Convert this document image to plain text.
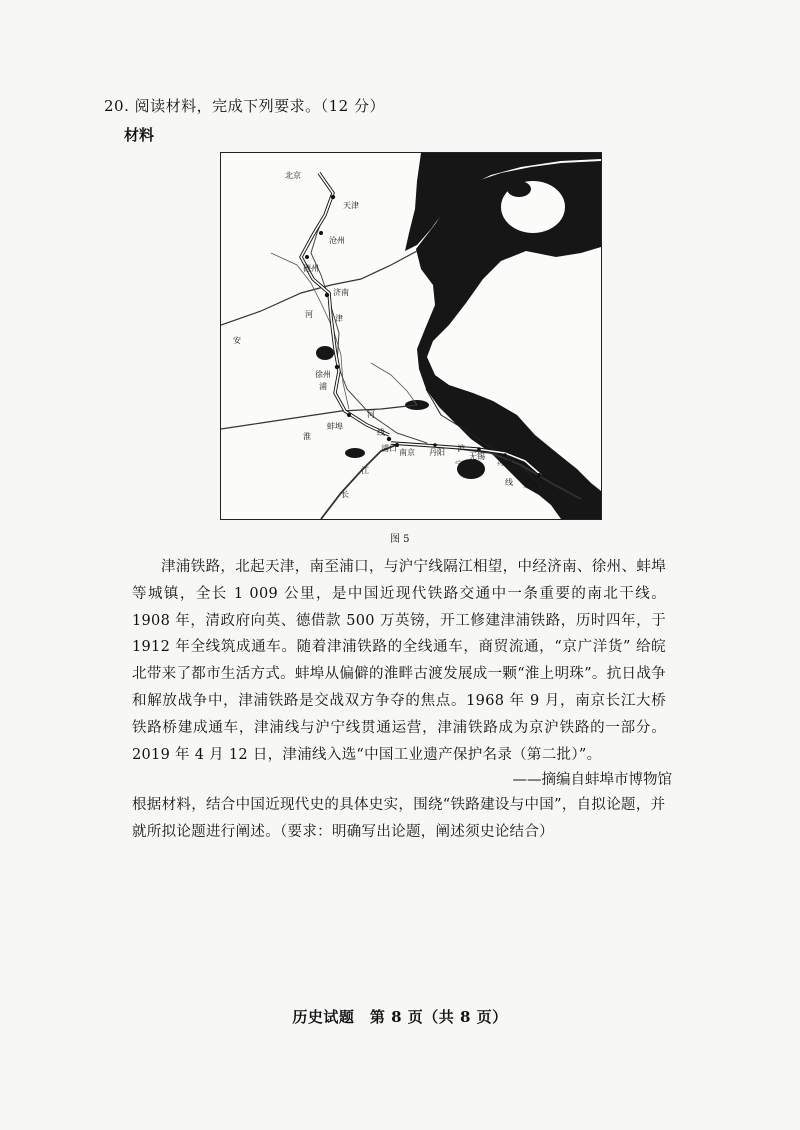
20. 阅读材料，完成下列要求。（12 分）
材料
北京
天津
沧州
德州
济南
河	津
安
徐州
浦
淮
蚌埠
河
线
浦口 南京 丹阳	无锡
苏州
沪
宁
线 上海
江
长
图 5
津浦铁路，北起天津，南至浦口，与沪宁线隔江相望，中经济南、徐州、蚌埠等城镇，全长 1 009 公里，是中国近现代铁路交通中一条重要的南北干线。1908 年，清政府向英、德借款 500 万英镑，开工修建津浦铁路，历时四年，于 1912 年全线筑成通车。随着津浦铁路的全线通车，商贸流通，“京广洋货” 给皖北带来了都市生活方式。蚌埠从偏僻的淮畔古渡发展成一颗“淮上明珠”。抗日战争和解放战争中，津浦铁路是交战双方争夺的焦点。1968 年 9 月，南京长江大桥铁路桥建成通车，津浦线与沪宁线贯通运营，津浦铁路成为京沪铁路的一部分。2019 年 4 月 12 日，津浦线入选“中国工业遗产保护名录（第二批）”。
——摘编自蚌埠市博物馆
根据材料，结合中国近现代史的具体史实，围绕“铁路建设与中国”，自拟论题，并就所拟论题进行阐述。（要求：明确写出论题，阐述须史论结合）
历史试题　第 8 页（共 8 页）
